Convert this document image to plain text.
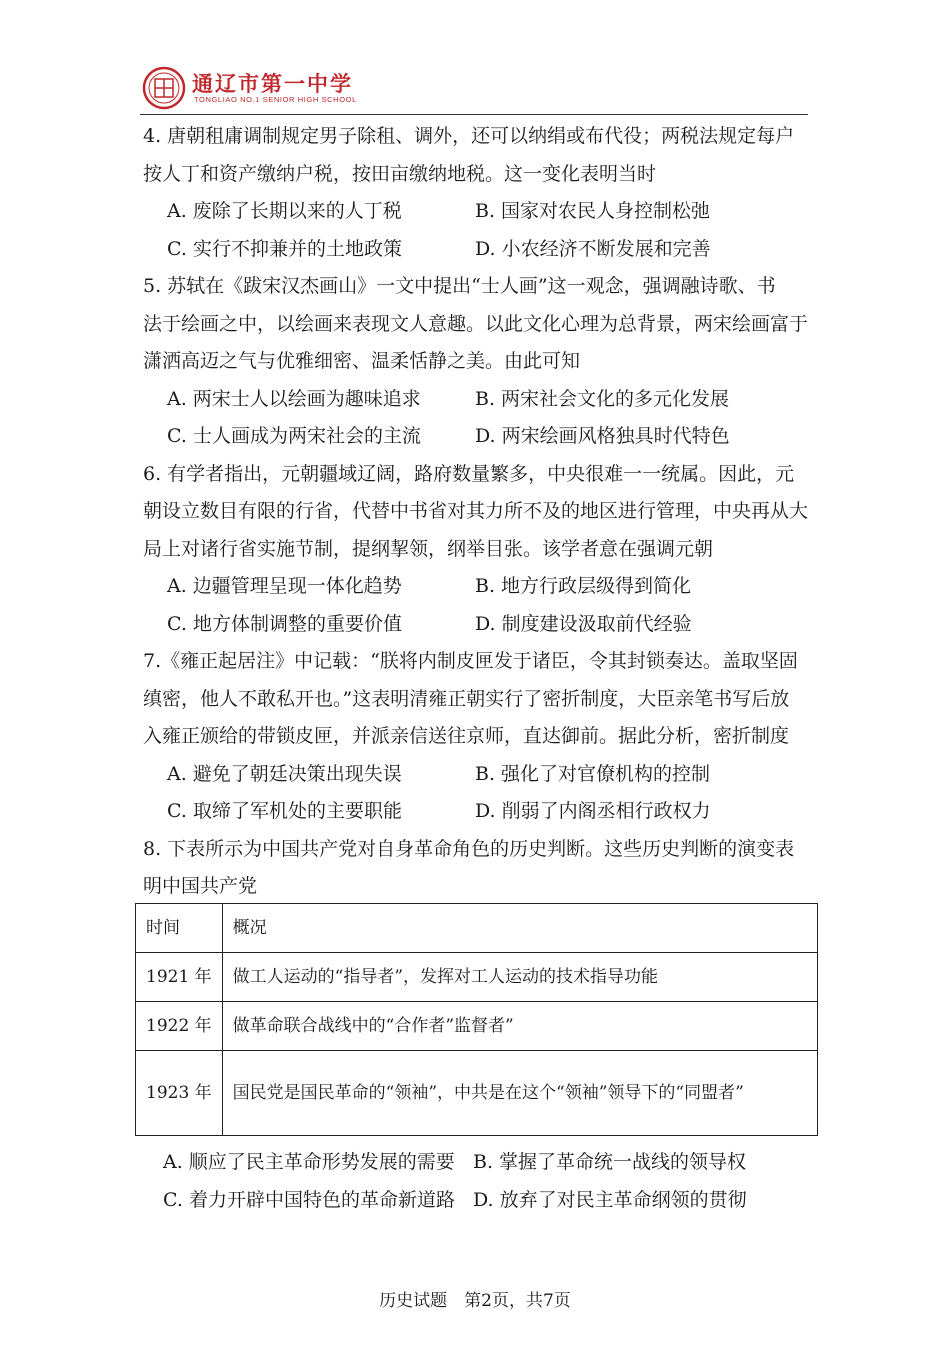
通辽市第一中学
TONGLIAO NO.1 SENIOR HIGH SCHOOL
4. 唐朝租庸调制规定男子除租、调外，还可以纳绢或布代役；两税法规定每户
按人丁和资产缴纳户税，按田亩缴纳地税。这一变化表明当时
A. 废除了长期以来的人丁税	B. 国家对农民人身控制松弛
C. 实行不抑兼并的土地政策	D. 小农经济不断发展和完善
5. 苏轼在《跋宋汉杰画山》一文中提出“士人画”这一观念，强调融诗歌、书
法于绘画之中，以绘画来表现文人意趣。以此文化心理为总背景，两宋绘画富于
潇洒高迈之气与优雅细密、温柔恬静之美。由此可知
A. 两宋士人以绘画为趣味追求	B. 两宋社会文化的多元化发展
C. 士人画成为两宋社会的主流	D. 两宋绘画风格独具时代特色
6. 有学者指出，元朝疆域辽阔，路府数量繁多，中央很难一一统属。因此，元
朝设立数目有限的行省，代替中书省对其力所不及的地区进行管理，中央再从大
局上对诸行省实施节制，提纲挈领，纲举目张。该学者意在强调元朝
A. 边疆管理呈现一体化趋势	B. 地方行政层级得到简化
C. 地方体制调整的重要价值	D. 制度建设汲取前代经验
7.《雍正起居注》中记载：“朕将内制皮匣发于诸臣，令其封锁奏达。盖取坚固
缜密，他人不敢私开也。”这表明清雍正朝实行了密折制度，大臣亲笔书写后放
入雍正颁给的带锁皮匣，并派亲信送往京师，直达御前。据此分析，密折制度
A. 避免了朝廷决策出现失误	B. 强化了对官僚机构的控制
C. 取缔了军机处的主要职能	D. 削弱了内阁丞相行政权力
8. 下表所示为中国共产党对自身革命角色的历史判断。这些历史判断的演变表
明中国共产党
时间	概况
1921 年	做工人运动的“指导者”，发挥对工人运动的技术指导功能
1922 年	做革命联合战线中的“合作者”监督者”
1923 年	国民党是国民革命的“领袖”，中共是在这个“领袖”领导下的“同盟者”
A. 顺应了民主革命形势发展的需要 B. 掌握了革命统一战线的领导权
C. 着力开辟中国特色的革命新道路 D. 放弃了对民主革命纲领的贯彻
历史试题　第2页，共7页
